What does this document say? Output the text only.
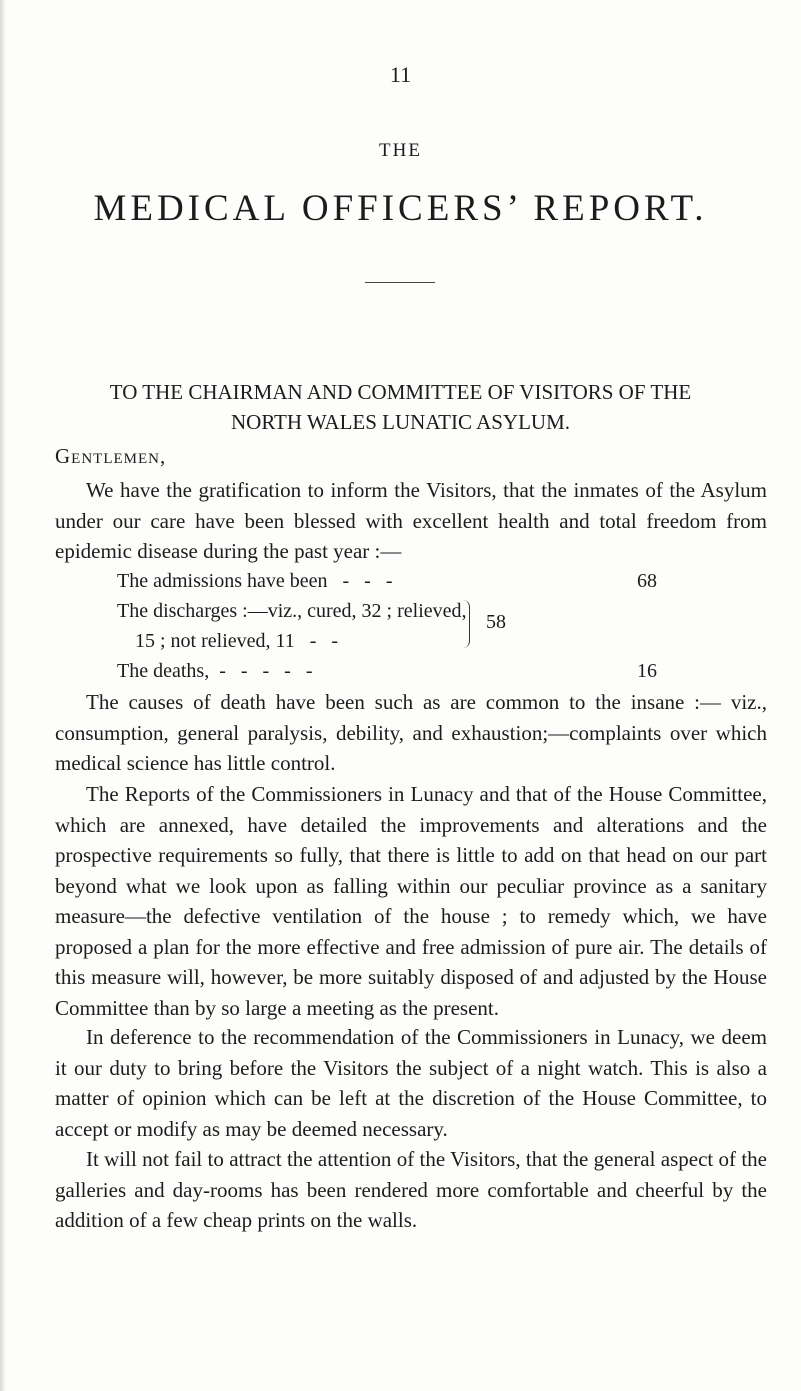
11
THE
MEDICAL OFFICERS’ REPORT.
TO THE CHAIRMAN AND COMMITTEE OF VISITORS OF THE
NORTH WALES LUNATIC ASYLUM.
Gentlemen,
We have the gratification to inform the Visitors, that the inmates of the Asylum under our care have been blessed with excellent health and total freedom from epidemic disease during the past year :—
The admissions have been   -   -   -	68
The discharges :—viz., cured, 32 ; relieved,
15 ; not relieved, 11   -   -
The deaths,  -   -   -   -   -	16
58
The causes of death have been such as are common to the insane :— viz., consumption, general paralysis, debility, and exhaustion;—complaints over which medical science has little control.
The Reports of the Commissioners in Lunacy and that of the House Committee, which are annexed, have detailed the improvements and alterations and the prospective requirements so fully, that there is little to add on that head on our part beyond what we look upon as falling within our peculiar province as a sanitary measure—the defective ventilation of the house ; to remedy which, we have proposed a plan for the more effective and free admission of pure air. The details of this measure will, however, be more suitably disposed of and adjusted by the House Committee than by so large a meeting as the present.
In deference to the recommendation of the Commissioners in Lunacy, we deem it our duty to bring before the Visitors the subject of a night watch. This is also a matter of opinion which can be left at the discretion of the House Committee, to accept or modify as may be deemed necessary.
It will not fail to attract the attention of the Visitors, that the general aspect of the galleries and day-rooms has been rendered more comfortable and cheerful by the addition of a few cheap prints on the walls.
